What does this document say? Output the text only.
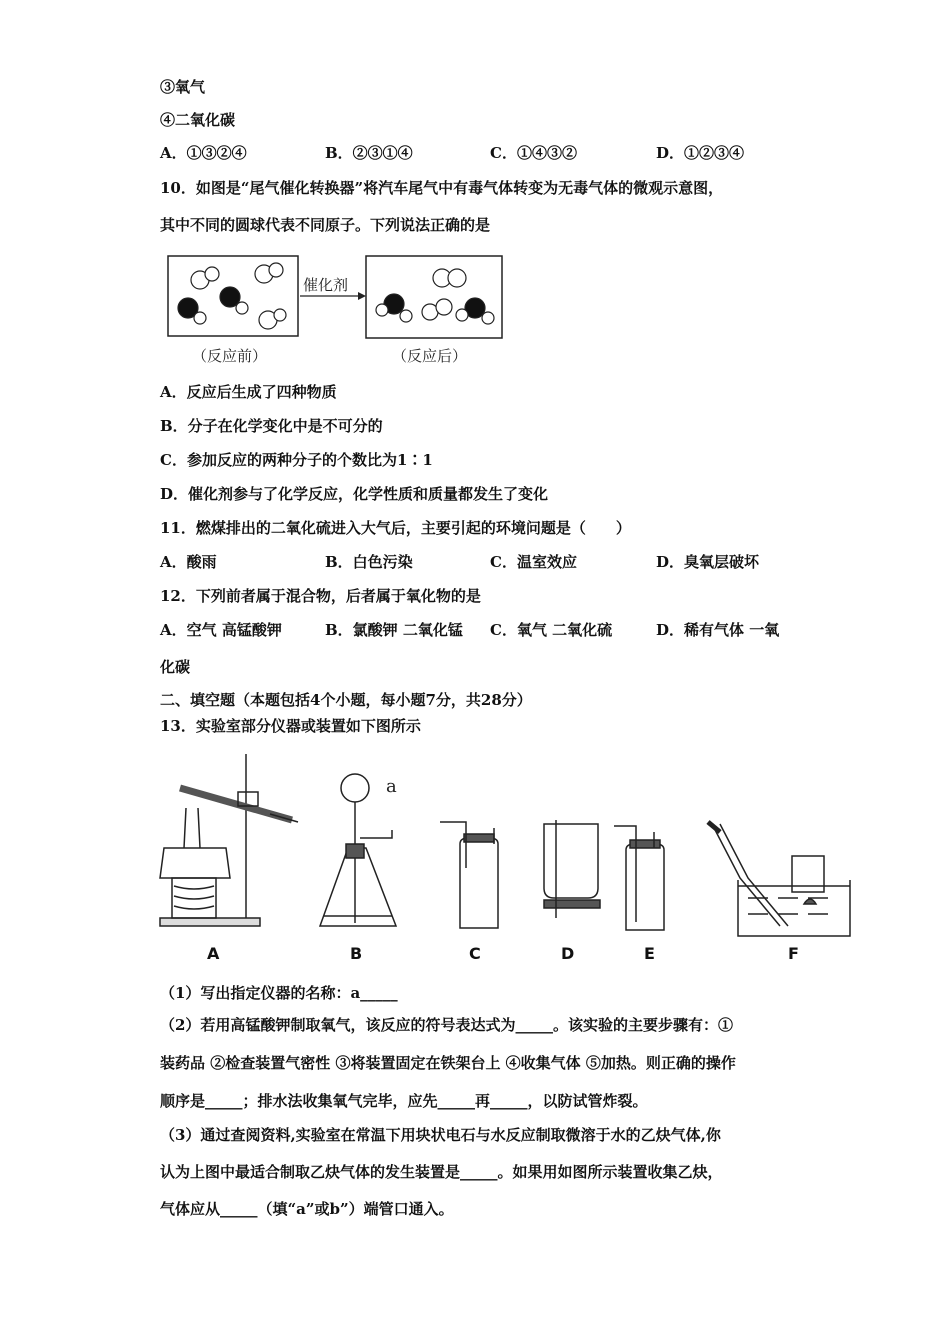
③氧气
④二氧化碳
A．①③②④	B．②③①④	C．①④③②	D．①②③④
10．如图是“尾气催化转换器”将汽车尾气中有毒气体转变为无毒气体的微观示意图，
其中不同的圆球代表不同原子。下列说法正确的是
催化剂
（反应前）	（反应后）
A．反应后生成了四种物质
B．分子在化学变化中是不可分的
C．参加反应的两种分子的个数比为1∶1
D．催化剂参与了化学反应，化学性质和质量都发生了变化
11．燃煤排出的二氧化硫进入大气后，主要引起的环境问题是（　　）
A．酸雨	B．白色污染	C．温室效应	D．臭氧层破坏
12．下列前者属于混合物，后者属于氧化物的是
A．空气 高锰酸钾	B．氯酸钾 二氧化锰 C．氧气 二氧化硫	D．稀有气体 一氧
化碳
二、填空题（本题包括4个小题，每小题7分，共28分）
13．实验室部分仪器或装置如下图所示
a
A	B	C	D	E	F
（1）写出指定仪器的名称：a_____
（2）若用高锰酸钾制取氧气，该反应的符号表达式为_____。该实验的主要步骤有：①
装药品 ②检查装置气密性 ③将装置固定在铁架台上 ④收集气体 ⑤加热。则正确的操作
顺序是_____；排水法收集氧气完毕，应先_____再_____，以防试管炸裂。
（3）通过查阅资料,实验室在常温下用块状电石与水反应制取微溶于水的乙炔气体,你
认为上图中最适合制取乙炔气体的发生装置是_____。如果用如图所示装置收集乙炔，
气体应从_____（填“a”或b”）端管口通入。
